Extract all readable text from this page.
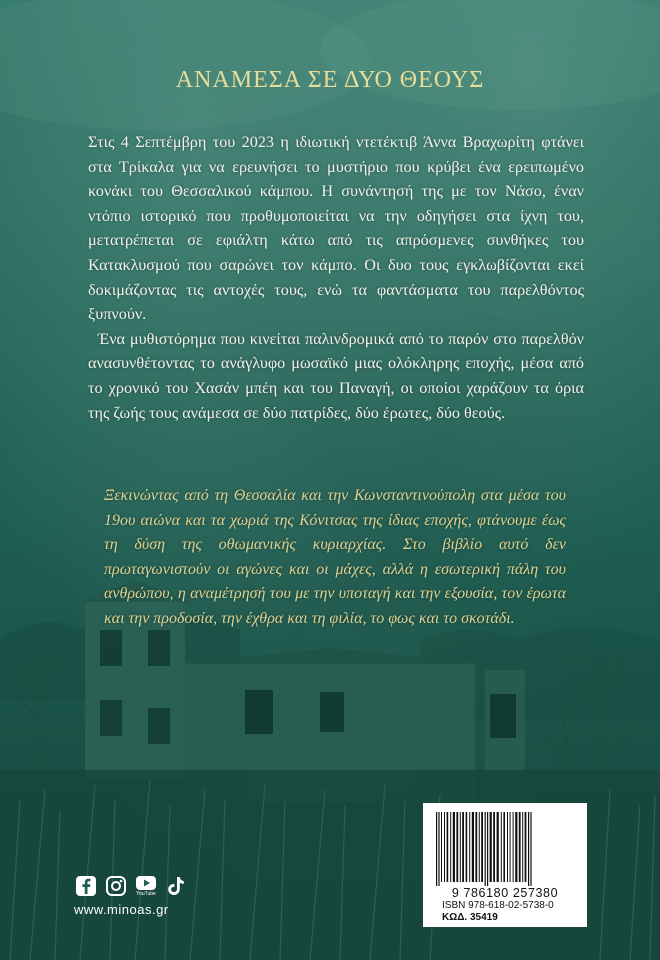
ΑΝΑΜΕΣΑ ΣΕ ΔΥΟ ΘΕΟΥΣ

Στις 4 Σεπτέμβρη του 2023 η ιδιωτική ντετέκτιβ Άννα Βραχωρίτη φτάνει στα Τρίκαλα για να ερευνήσει το μυστήριο που κρύβει ένα ερειπωμένο κονάκι του Θεσσαλικού κάμπου. Η συνάντησή της με τον Νάσο, έναν ντόπιο ιστορικό που προθυμοποιείται να την οδηγήσει στα ίχνη του, μετατρέπεται σε εφιάλτη κάτω από τις απρόσμενες συνθήκες του Κατακλυσμού που σαρώνει τον κάμπο. Οι δυο τους εγκλωβίζονται εκεί δοκιμάζοντας τις αντοχές τους, ενώ τα φαντάσματα του παρελθόντος ξυπνούν.

Ένα μυθιστόρημα που κινείται παλινδρομικά από το παρόν στο παρελθόν ανασυνθέτοντας το ανάγλυφο μωσαϊκό μιας ολόκληρης εποχής, μέσα από το χρονικό του Χασάν μπέη και του Παναγή, οι οποίοι χαράζουν τα όρια της ζωής τους ανάμεσα σε δύο πατρίδες, δύο έρωτες, δύο θεούς.

Ξεκινώντας από τη Θεσσαλία και την Κωνσταντινούπολη στα μέσα του 19ου αιώνα και τα χωριά της Κόνιτσας της ίδιας εποχής, φτάνουμε έως τη δύση της οθωμανικής κυριαρχίας. Στο βιβλίο αυτό δεν πρωταγωνιστούν οι αγώνες και οι μάχες, αλλά η εσωτερική πάλη του ανθρώπου, η αναμέτρησή του με την υποταγή και την εξουσία, τον έρωτα και την προδοσία, την έχθρα και τη φιλία, το φως και το σκοτάδι.

YouTube
www.minoas.gr
9 786180 257380
ISBN 978-618-02-5738-0
ΚΩΔ. 35419
